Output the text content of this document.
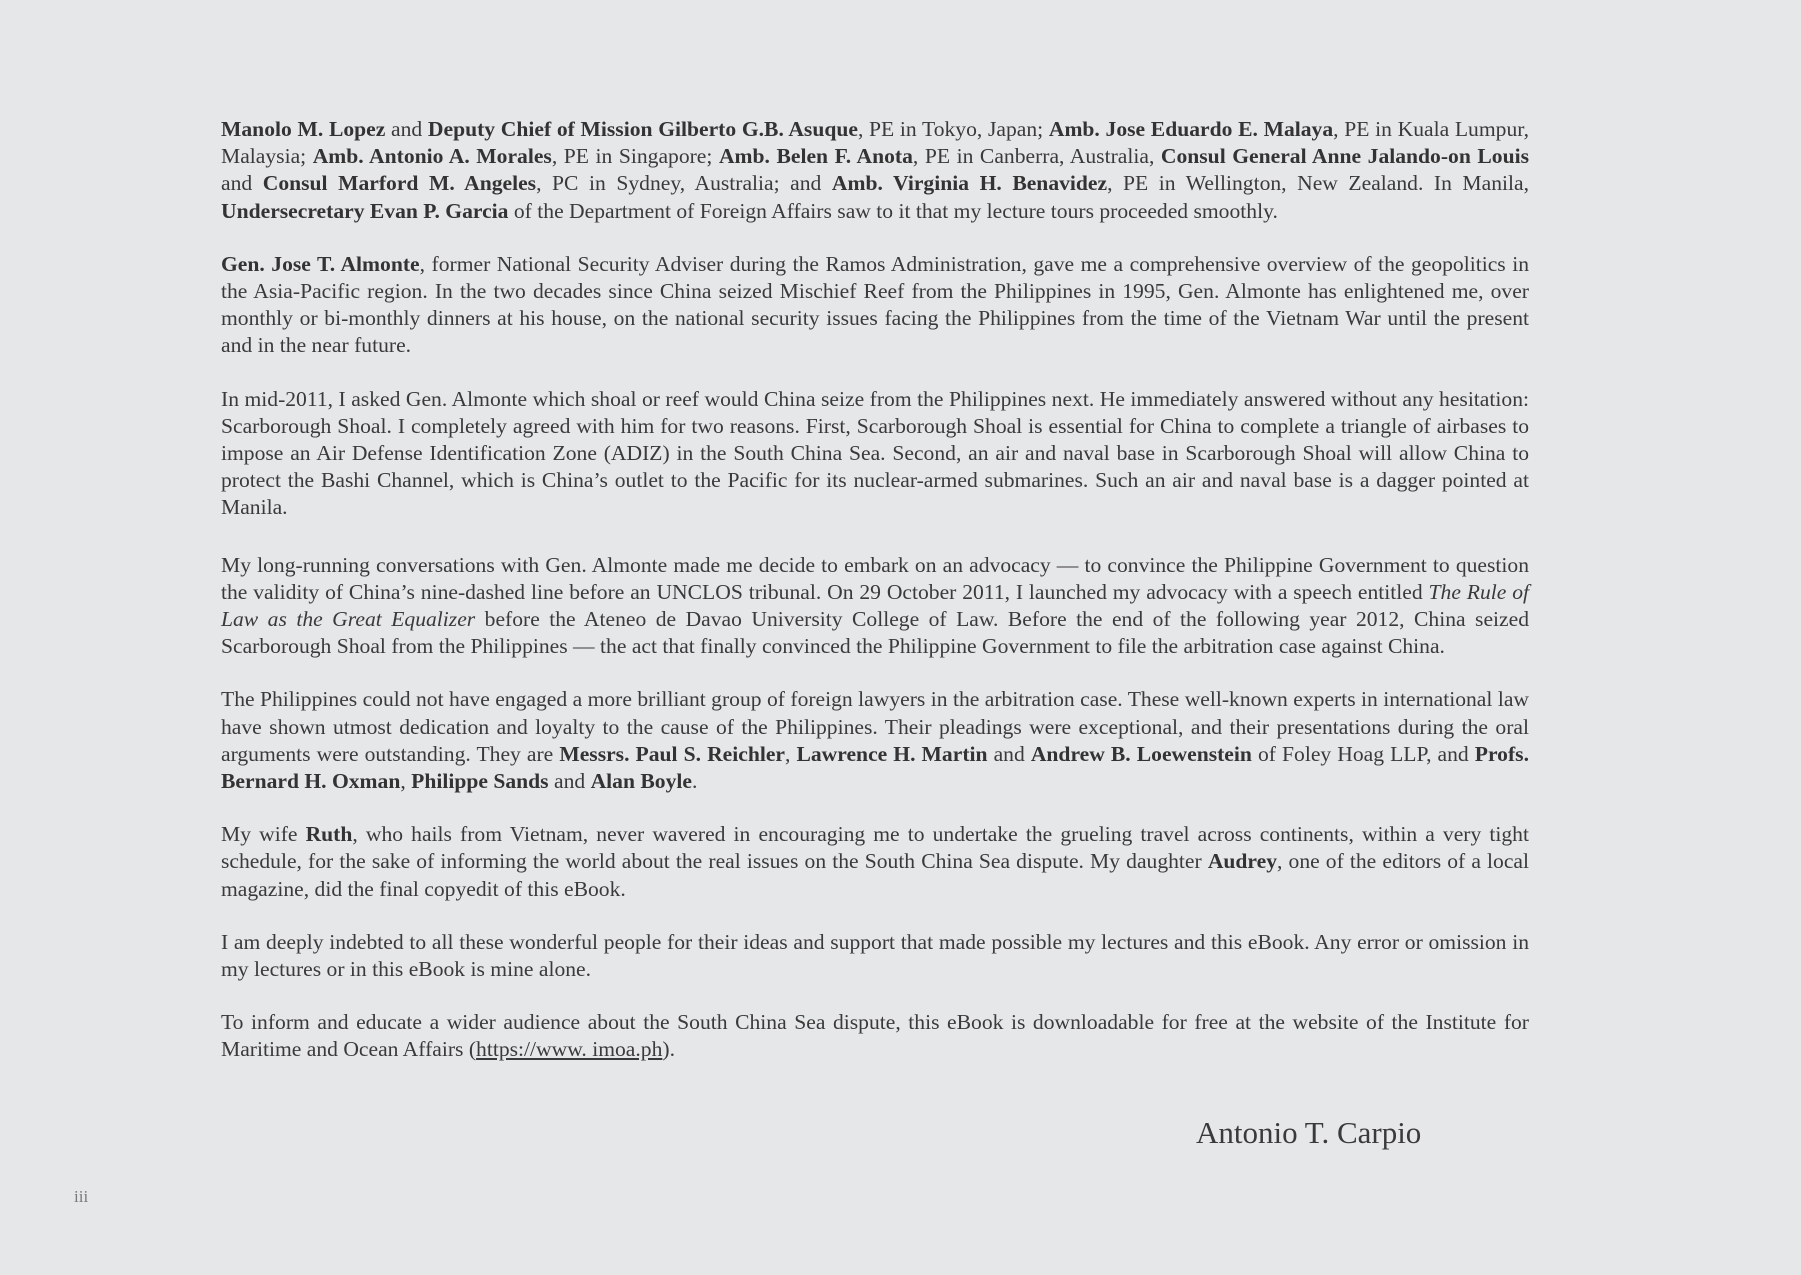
Manolo M. Lopez and Deputy Chief of Mission Gilberto G.B. Asuque, PE in Tokyo, Japan; Amb. Jose Eduardo E. Malaya, PE in Kuala Lumpur, Malaysia; Amb. Antonio A. Morales, PE in Singapore; Amb. Belen F. Anota, PE in Canberra, Australia, Consul General Anne Jalando-on Louis and Consul Marford M. Angeles, PC in Sydney, Australia; and Amb. Virginia H. Benavidez, PE in Wellington, New Zealand. In Manila, Undersecretary Evan P. Garcia of the Department of Foreign Affairs saw to it that my lecture tours proceeded smoothly.

Gen. Jose T. Almonte, former National Security Adviser during the Ramos Administration, gave me a comprehensive overview of the geopolitics in the Asia-Pacific region. In the two decades since China seized Mischief Reef from the Philippines in 1995, Gen. Almonte has enlightened me, over monthly or bi-monthly dinners at his house, on the national security issues facing the Philippines from the time of the Vietnam War until the present and in the near future.

In mid-2011, I asked Gen. Almonte which shoal or reef would China seize from the Philippines next. He immediately answered without any hesitation: Scarborough Shoal. I completely agreed with him for two reasons. First, Scarborough Shoal is essential for China to complete a triangle of airbases to impose an Air Defense Identification Zone (ADIZ) in the South China Sea. Second, an air and naval base in Scarborough Shoal will allow China to protect the Bashi Channel, which is China’s outlet to the Pacific for its nuclear-armed submarines. Such an air and naval base is a dagger pointed at Manila.

My long-running conversations with Gen. Almonte made me decide to embark on an advocacy — to convince the Philippine Government to question the validity of China’s nine-dashed line before an UNCLOS tribunal. On 29 October 2011, I launched my advocacy with a speech entitled The Rule of Law as the Great Equalizer before the Ateneo de Davao University College of Law. Before the end of the following year 2012, China seized Scarborough Shoal from the Philippines — the act that finally convinced the Philippine Government to file the arbitration case against China.

The Philippines could not have engaged a more brilliant group of foreign lawyers in the arbitration case. These well-known experts in international law have shown utmost dedication and loyalty to the cause of the Philippines. Their pleadings were exceptional, and their presentations during the oral arguments were outstanding. They are Messrs. Paul S. Reichler, Lawrence H. Martin and Andrew B. Loewenstein of Foley Hoag LLP, and Profs. Bernard H. Oxman, Philippe Sands and Alan Boyle.

My wife Ruth, who hails from Vietnam, never wavered in encouraging me to undertake the grueling travel across continents, within a very tight schedule, for the sake of informing the world about the real issues on the South China Sea dispute. My daughter Audrey, one of the editors of a local magazine, did the final copyedit of this eBook.

I am deeply indebted to all these wonderful people for their ideas and support that made possible my lectures and this eBook. Any error or omission in my lectures or in this eBook is mine alone.

To inform and educate a wider audience about the South China Sea dispute, this eBook is downloadable for free at the website of the Institute for Maritime and Ocean Affairs (https://www. imoa.ph).

Antonio T. Carpio
iii
